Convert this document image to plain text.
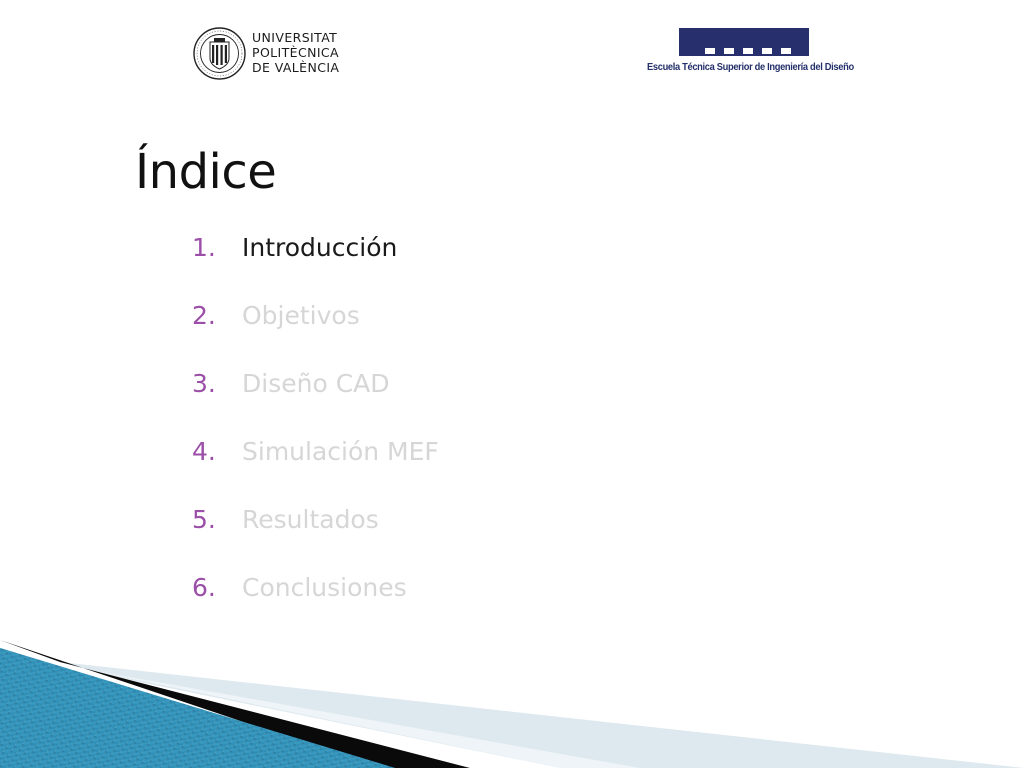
UNIVERSITAT
POLITÈCNICA
DE VALÈNCIA	Escuela Técnica Superior de Ingeniería del Diseño
Índice
1.	Introducción
2.	Objetivos
3.	Diseño CAD
4.	Simulación MEF
5.	Resultados
6.	Conclusiones
